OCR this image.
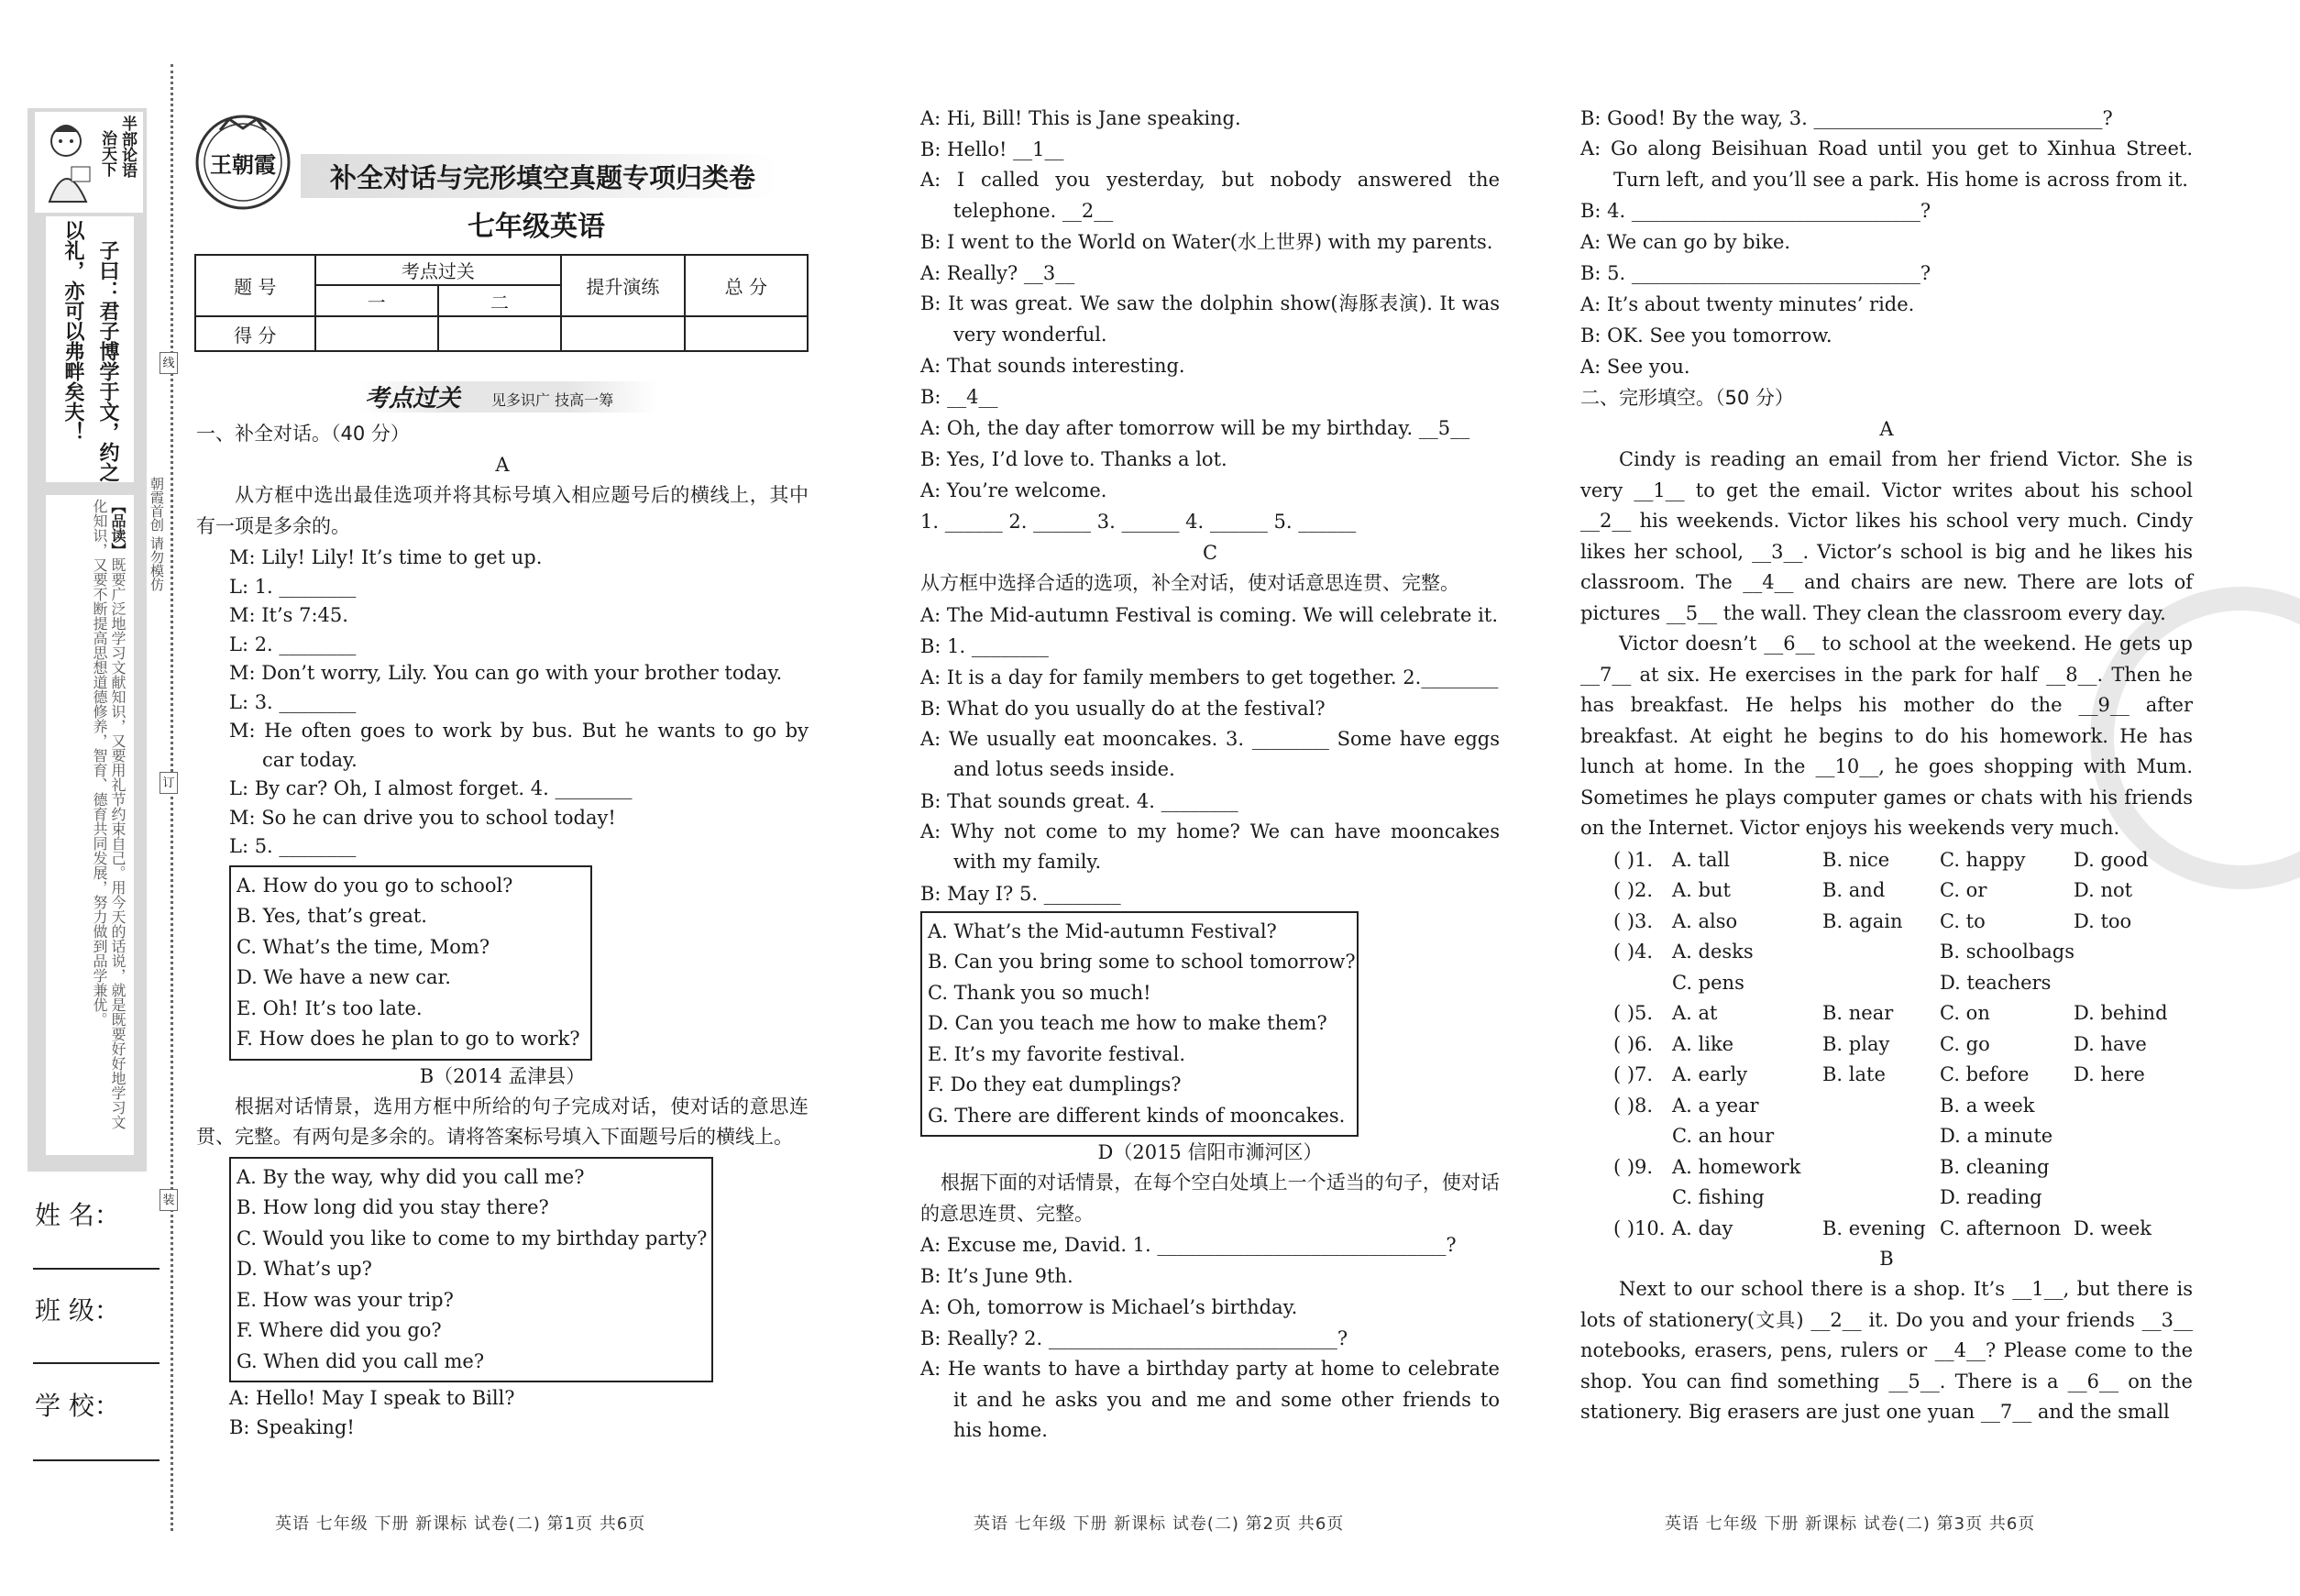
半部论语
治天下
子曰：君子博学于文，约之
以礼，亦可以弗畔矣夫！
【品读】既要广泛地学习文献知识，又要用礼节约束自己。用今天的话说，就是既要好好地学习文化知识，又要不断提高思想道德修养，智育、德育共同发展，努力做到品学兼优。
姓 名：
班 级：
学 校：
朝霞首创 请勿模仿
线
订
装
王朝霞 补全对话与完形填空真题专项归类卷
七年级英语
题 号	考点过关		提升演练	总 分
	一	二		
得 分				
考点过关 见多识广 技高一筹
一、补全对话。（40 分）
A
从方框中选出最佳选项并将其标号填入相应题号后的横线上，其中有一项是多余的。
M: Lily! Lily! It’s time to get up.
L: 1. ________
M: It’s 7:45.
L: 2. ________
M: Don’t worry, Lily. You can go with your brother today.
L: 3. ________
M: He often goes to work by bus. But he wants to go by car today.
L: By car? Oh, I almost forget. 4. ________
M: So he can drive you to school today!
L: 5. ________
A. How do you go to school?
B. Yes, that’s great.
C. What’s the time, Mom?
D. We have a new car.
E. Oh! It’s too late.
F. How does he plan to go to work?
B（2014 孟津县）
根据对话情景，选用方框中所给的句子完成对话，使对话的意思连贯、完整。有两句是多余的。请将答案标号填入下面题号后的横线上。
A. By the way, why did you call me?
B. How long did you stay there?
C. Would you like to come to my birthday party?
D. What’s up?
E. How was your trip?
F. Where did you go?
G. When did you call me?
A: Hello! May I speak to Bill?
B: Speaking!
英语 七年级 下册 新课标 试卷(二) 第1页 共6页
A: Hi, Bill! This is Jane speaking.
B: Hello! __1__
A: I called you yesterday, but nobody answered the telephone. __2__
B: I went to the World on Water(水上世界) with my parents.
A: Really? __3__
B: It was great. We saw the dolphin show(海豚表演). It was very wonderful.
A: That sounds interesting.
B: __4__
A: Oh, the day after tomorrow will be my birthday. __5__
B: Yes, I’d love to. Thanks a lot.
A: You’re welcome.
1. ______ 2. ______ 3. ______ 4. ______ 5. ______
C
从方框中选择合适的选项，补全对话，使对话意思连贯、完整。
A: The Mid-autumn Festival is coming. We will celebrate it.
B: 1. ________
A: It is a day for family members to get together. 2.________
B: What do you usually do at the festival?
A: We usually eat mooncakes. 3. ________ Some have eggs and lotus seeds inside.
B: That sounds great. 4. ________
A: Why not come to my home? We can have mooncakes with my family.
B: May I? 5. ________
A. What’s the Mid-autumn Festival?
B. Can you bring some to school tomorrow?
C. Thank you so much!
D. Can you teach me how to make them?
E. It’s my favorite festival.
F. Do they eat dumplings?
G. There are different kinds of mooncakes.
D（2015 信阳市浉河区）
根据下面的对话情景，在每个空白处填上一个适当的句子，使对话的意思连贯、完整。
A: Excuse me, David. 1. ______________________________?
B: It’s June 9th.
A: Oh, tomorrow is Michael’s birthday.
B: Really? 2. ______________________________?
A: He wants to have a birthday party at home to celebrate it and he asks you and me and some other friends to his home.
英语 七年级 下册 新课标 试卷(二) 第2页 共6页
B: Good! By the way, 3. ______________________________?
A: Go along Beisihuan Road until you get to Xinhua Street. Turn left, and you’ll see a park. His home is across from it.
B: 4. ______________________________?
A: We can go by bike.
B: 5. ______________________________?
A: It’s about twenty minutes’ ride.
B: OK. See you tomorrow.
A: See you.
二、完形填空。（50 分）
A
Cindy is reading an email from her friend Victor. She is very __1__ to get the email. Victor writes about his school __2__ his weekends. Victor likes his school very much. Cindy likes her school, __3__. Victor’s school is big and he likes his classroom. The __4__ and chairs are new. There are lots of pictures __5__ the wall. They clean the classroom every day.
Victor doesn’t __6__ to school at the weekend. He gets up __7__ at six. He exercises in the park for half __8__. Then he has breakfast. He helps his mother do the __9__ after breakfast. At eight he begins to do his homework. He has lunch at home. In the __10__, he goes shopping with Mum. Sometimes he plays computer games or chats with his friends on the Internet. Victor enjoys his weekends very much.
( )1. A. tall	B. nice	C. happy	D. good
( )2. A. but	B. and	C. or	D. not
( )3. A. also	B. again C. to	D. too
( )4. A. desks	B. schoolbags
C. pens	D. teachers
( )5. A. at	B. near C. on	D. behind
( )6. A. like	B. play	C. go	D. have
( )7. A. early	B. late	C. before D. here
( )8. A. a year	B. a week
C. an hour	D. a minute
( )9. A. homework	B. cleaning
C. fishing	D. reading
( )10. A. day	B. evening C. afternoon D. week
B
Next to our school there is a shop. It’s __1__, but there is lots of stationery(文具) __2__ it. Do you and your friends __3__ notebooks, erasers, pens, rulers or __4__? Please come to the shop. You can find something __5__. There is a __6__ on the stationery. Big erasers are just one yuan __7__ and the small
英语 七年级 下册 新课标 试卷(二) 第3页 共6页
